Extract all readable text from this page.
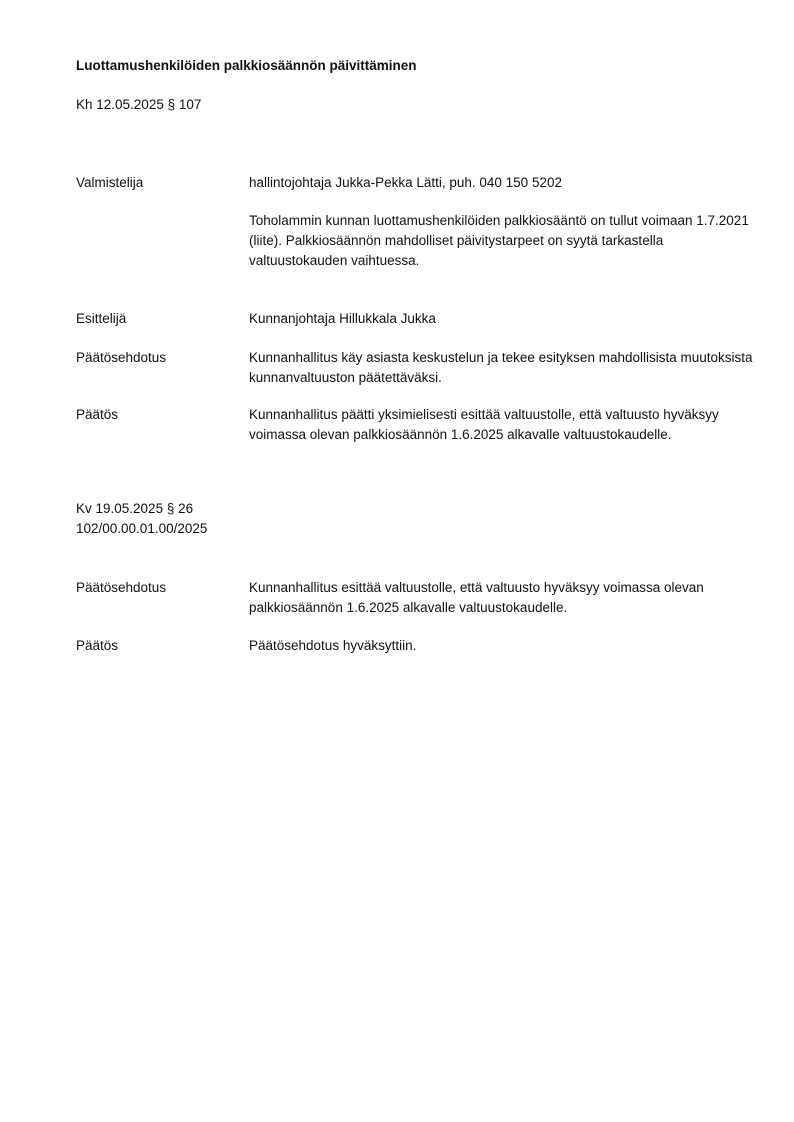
Luottamushenkilöiden palkkiosäännön päivittäminen
Kh 12.05.2025 § 107
Valmistelija	hallintojohtaja Jukka-Pekka Lätti, puh. 040 150 5202
Toholammin kunnan luottamushenkilöiden palkkiosääntö on tullut voimaan 1.7.2021 (liite). Palkkiosäännön mahdolliset päivitystarpeet on syytä tarkastella valtuustokauden vaihtuessa.
Esittelijä	Kunnanjohtaja Hillukkala Jukka
Päätösehdotus	Kunnanhallitus käy asiasta keskustelun ja tekee esityksen mahdollisista muutoksista kunnanvaltuuston päätettäväksi.
Päätös	Kunnanhallitus päätti yksimielisesti esittää valtuustolle, että valtuusto hyväksyy voimassa olevan palkkiosäännön 1.6.2025 alkavalle valtuustokaudelle.
Kv 19.05.2025 § 26
102/00.00.01.00/2025
Päätösehdotus	Kunnanhallitus esittää valtuustolle, että valtuusto hyväksyy voimassa olevan palkkiosäännön 1.6.2025 alkavalle valtuustokaudelle.
Päätös	Päätösehdotus hyväksyttiin.
